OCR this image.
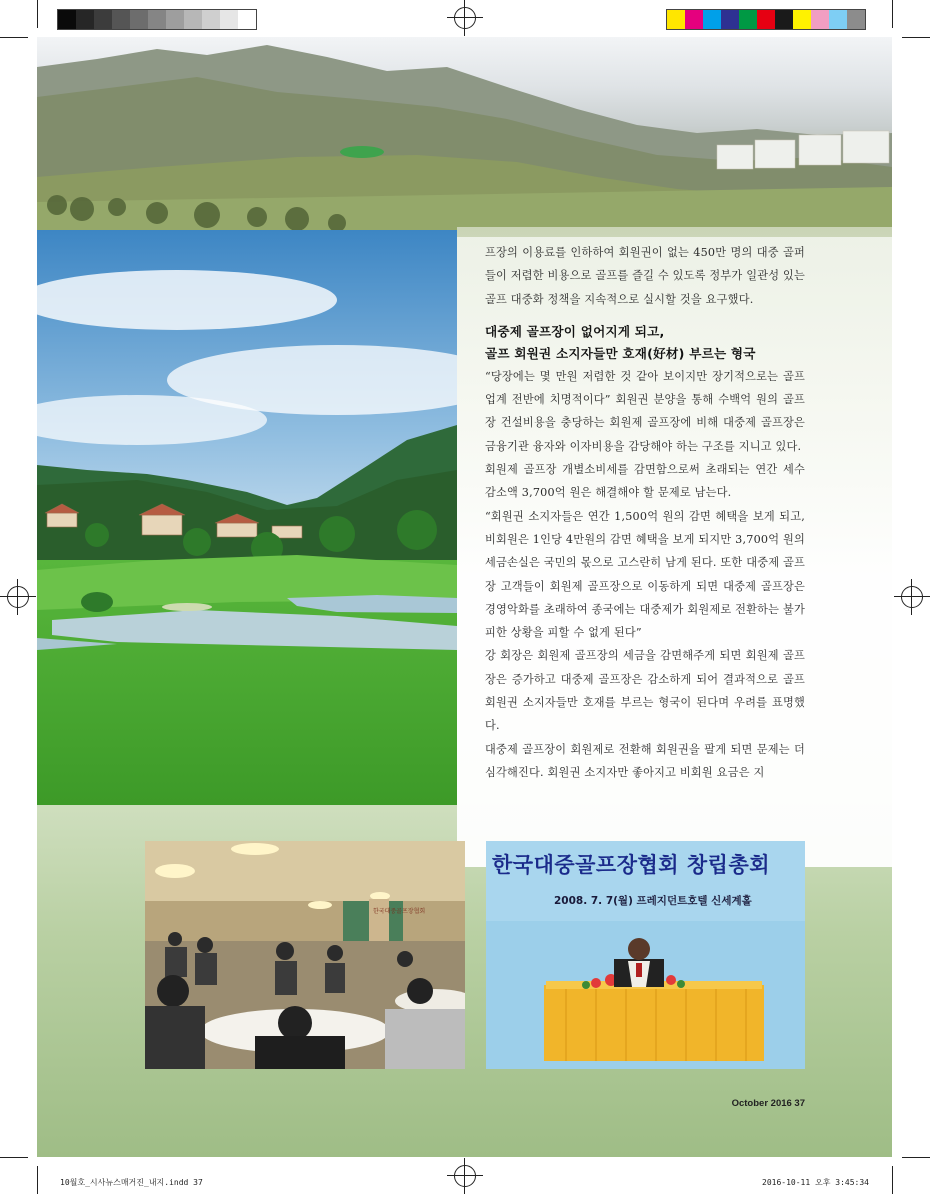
프장의 이용료를 인하하여 회원권이 없는 450만 명의 대중 골퍼들이 저렴한 비용으로 골프를 즐길 수 있도록 정부가 일관성 있는 골프 대중화 정책을 지속적으로 실시할 것을 요구했다.

대중제 골프장이 없어지게 되고,
골프 회원권 소지자들만 호재(好材) 부르는 형국

“당장에는 몇 만원 저렴한 것 같아 보이지만 장기적으로는 골프 업계 전반에 치명적이다” 회원권 분양을 통해 수백억 원의 골프장 건설비용을 충당하는 회원제 골프장에 비해 대중제 골프장은 금융기관 융자와 이자비용을 감당해야 하는 구조를 지니고 있다.

회원제 골프장 개별소비세를 감면함으로써 초래되는 연간 세수 감소액 3,700억 원은 해결해야 할 문제로 남는다.

“회원권 소지자들은 연간 1,500억 원의 감면 혜택을 보게 되고, 비회원은 1인당 4만원의 감면 혜택을 보게 되지만 3,700억 원의 세금손실은 국민의 몫으로 고스란히 남게 된다. 또한 대중제 골프장 고객들이 회원제 골프장으로 이동하게 되면 대중제 골프장은 경영악화를 초래하여 종국에는 대중제가 회원제로 전환하는 불가피한 상황을 피할 수 없게 된다”

강 회장은 회원제 골프장의 세금을 감면해주게 되면 회원제 골프장은 증가하고 대중제 골프장은 감소하게 되어 결과적으로 골프 회원권 소지자들만 호재를 부르는 형국이 된다며 우려를 표명했다.

대중제 골프장이 회원제로 전환해 회원권을 팔게 되면 문제는 더 심각해진다. 회원권 소지자만 좋아지고 비회원 요금은 지

한국대중골프장협회
한국대중골프장협회 창립총회
2008. 7. 7(월) 프레지던트호텔 신세계홀
October 2016 37
10월호_시사뉴스매거진_내지.indd 37	2016-10-11 오후 3:45:34
